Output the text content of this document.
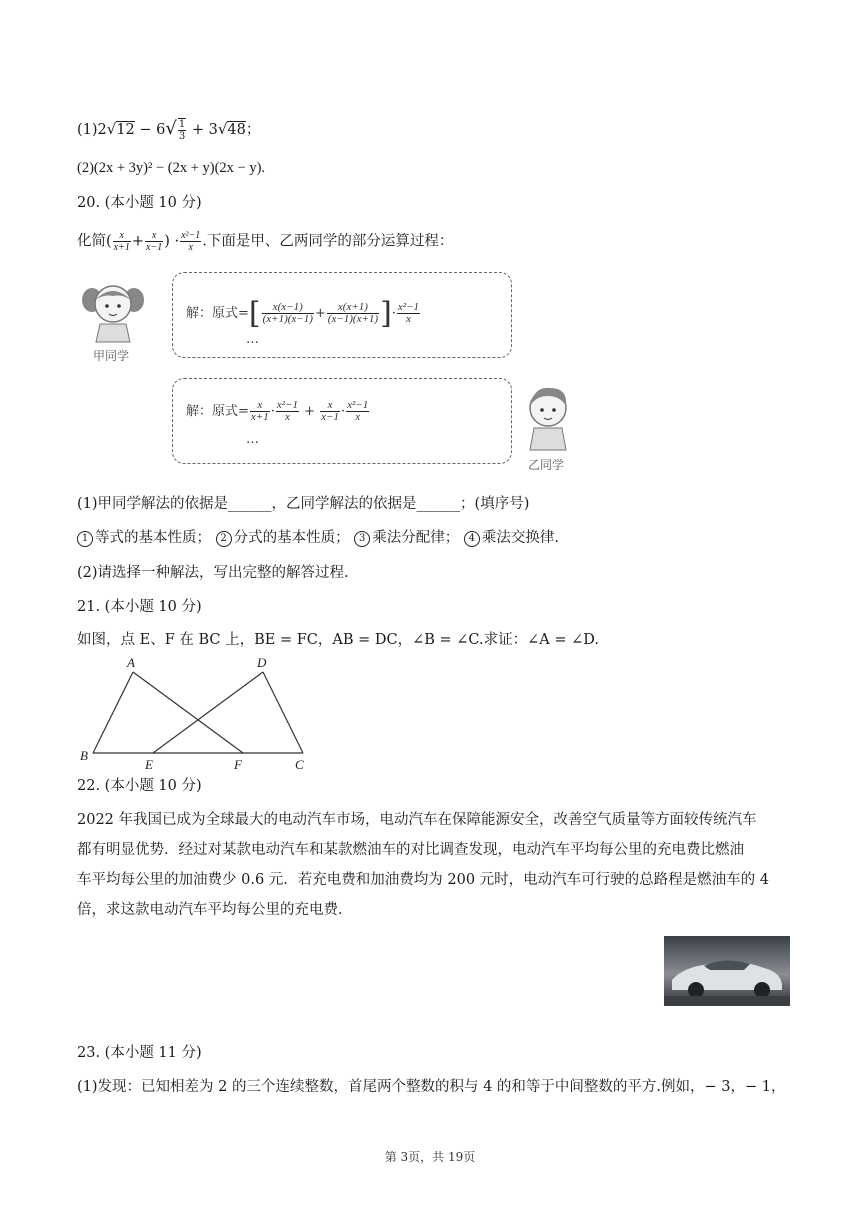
$(1)2√12 - 6√ \frac{1}{3} + 3√48$；
(2)(2x + 3y)² − (2x + y)(2x − y).
20. (本小题 10 分)
化简( $\frac{x}{x+1} + \frac{x}{x-1}$ ) · $\frac{\text{x²−1}}{x}$ .下面是甲、乙两同学的部分运算过程：
甲同学
解：原式=[ $\frac{x(x-1)}{(x+1)(x-1)} + \frac{x(x+1)}{(x-1)(x+1)}$ ]· $\frac{\text{x²−1}}{x}$
…
解：原式= $\frac{x}{x+1} \cdot \frac{\text{x²−1}}{x} + \frac{x}{x-1} \cdot \frac{\text{x²−1}}{x}$
…
乙同学
(1)甲同学解法的依据是______，乙同学解法的依据是______；(填序号)
1 等式的基本性质； 2 分式的基本性质； 3 乘法分配律； 4 乘法交换律.
(2)请选择一种解法，写出完整的解答过程.
21. (本小题 10 分)
如图，点 E、F 在 BC 上，BE = FC，AB = DC，∠B = ∠C.求证：∠A = ∠D.
A	D
B
E	F	C
22. (本小题 10 分)
2022 年我国已成为全球最大的电动汽车市场，电动汽车在保障能源安全，改善空气质量等方面较传统汽车
都有明显优势．经过对某款电动汽车和某款燃油车的对比调查发现，电动汽车平均每公里的充电费比燃油
车平均每公里的加油费少 0.6 元．若充电费和加油费均为 200 元时，电动汽车可行驶的总路程是燃油车的 4
倍，求这款电动汽车平均每公里的充电费．
23. (本小题 11 分)
(1)发现：已知相差为 2 的三个连续整数，首尾两个整数的积与 4 的和等于中间整数的平方.例如，− 3，− 1，
第 3页，共 19页
